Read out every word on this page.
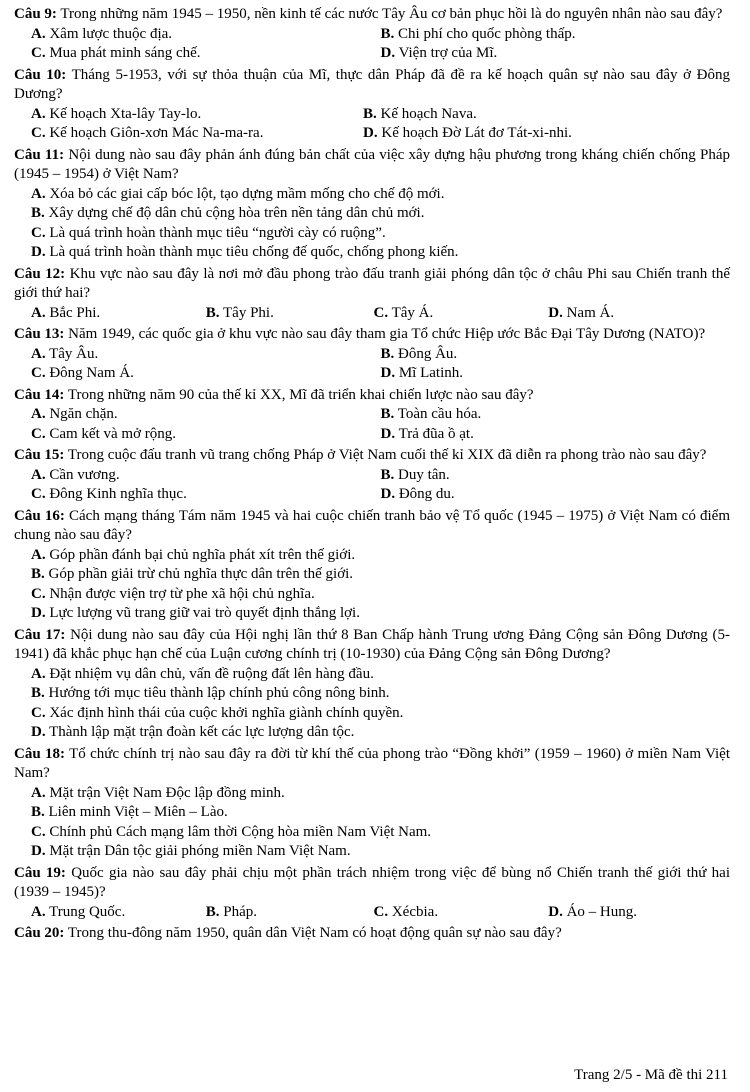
Câu 9: Trong những năm 1945 – 1950, nền kinh tế các nước Tây Âu cơ bản phục hồi là do nguyên nhân nào sau đây?
A. Xâm lược thuộc địa.	B. Chi phí cho quốc phòng thấp.
C. Mua phát minh sáng chế.	D. Viện trợ của Mĩ.
Câu 10: Tháng 5-1953, với sự thỏa thuận của Mĩ, thực dân Pháp đã đề ra kế hoạch quân sự nào sau đây ở Đông Dương?
A. Kế hoạch Xta-lây Tay-lo.	B. Kế hoạch Nava.
C. Kế hoạch Giôn-xơn Mác Na-ma-ra.	D. Kế hoạch Đờ Lát đơ Tát-xi-nhi.
Câu 11: Nội dung nào sau đây phản ánh đúng bản chất của việc xây dựng hậu phương trong kháng chiến chống Pháp (1945 – 1954) ở Việt Nam?
A. Xóa bỏ các giai cấp bóc lột, tạo dựng mầm mống cho chế độ mới.
B. Xây dựng chế độ dân chủ cộng hòa trên nền tảng dân chủ mới.
C. Là quá trình hoàn thành mục tiêu “người cày có ruộng”.
D. Là quá trình hoàn thành mục tiêu chống đế quốc, chống phong kiến.
Câu 12: Khu vực nào sau đây là nơi mở đầu phong trào đấu tranh giải phóng dân tộc ở châu Phi sau Chiến tranh thế giới thứ hai?
A. Bắc Phi.	B. Tây Phi.	C. Tây Á.	D. Nam Á.
Câu 13: Năm 1949, các quốc gia ở khu vực nào sau đây tham gia Tổ chức Hiệp ước Bắc Đại Tây Dương (NATO)?
A. Tây Âu.	B. Đông Âu.
C. Đông Nam Á.	D. Mĩ Latinh.
Câu 14: Trong những năm 90 của thế kỉ XX, Mĩ đã triển khai chiến lược nào sau đây?
A. Ngăn chặn.	B. Toàn cầu hóa.
C. Cam kết và mở rộng.	D. Trả đũa ồ ạt.
Câu 15: Trong cuộc đấu tranh vũ trang chống Pháp ở Việt Nam cuối thế kỉ XIX đã diễn ra phong trào nào sau đây?
A. Cần vương.	B. Duy tân.
C. Đông Kinh nghĩa thục.	D. Đông du.
Câu 16: Cách mạng tháng Tám năm 1945 và hai cuộc chiến tranh bảo vệ Tổ quốc (1945 – 1975) ở Việt Nam có điểm chung nào sau đây?
A. Góp phần đánh bại chủ nghĩa phát xít trên thế giới.
B. Góp phần giải trừ chủ nghĩa thực dân trên thế giới.
C. Nhận được viện trợ từ phe xã hội chủ nghĩa.
D. Lực lượng vũ trang giữ vai trò quyết định thắng lợi.
Câu 17: Nội dung nào sau đây của Hội nghị lần thứ 8 Ban Chấp hành Trung ương Đảng Cộng sản Đông Dương (5-1941) đã khắc phục hạn chế của Luận cương chính trị (10-1930) của Đảng Cộng sản Đông Dương?
A. Đặt nhiệm vụ dân chủ, vấn đề ruộng đất lên hàng đầu.
B. Hướng tới mục tiêu thành lập chính phủ công nông binh.
C. Xác định hình thái của cuộc khởi nghĩa giành chính quyền.
D. Thành lập mặt trận đoàn kết các lực lượng dân tộc.
Câu 18: Tổ chức chính trị nào sau đây ra đời từ khí thế của phong trào “Đồng khởi” (1959 – 1960) ở miền Nam Việt Nam?
A. Mặt trận Việt Nam Độc lập đồng minh.
B. Liên minh Việt – Miên – Lào.
C. Chính phủ Cách mạng lâm thời Cộng hòa miền Nam Việt Nam.
D. Mặt trận Dân tộc giải phóng miền Nam Việt Nam.
Câu 19: Quốc gia nào sau đây phải chịu một phần trách nhiệm trong việc để bùng nổ Chiến tranh thế giới thứ hai (1939 – 1945)?
A. Trung Quốc.	B. Pháp.	C. Xécbia.	D. Áo – Hung.
Câu 20: Trong thu-đông năm 1950, quân dân Việt Nam có hoạt động quân sự nào sau đây?
Trang 2/5 - Mã đề thi 211
